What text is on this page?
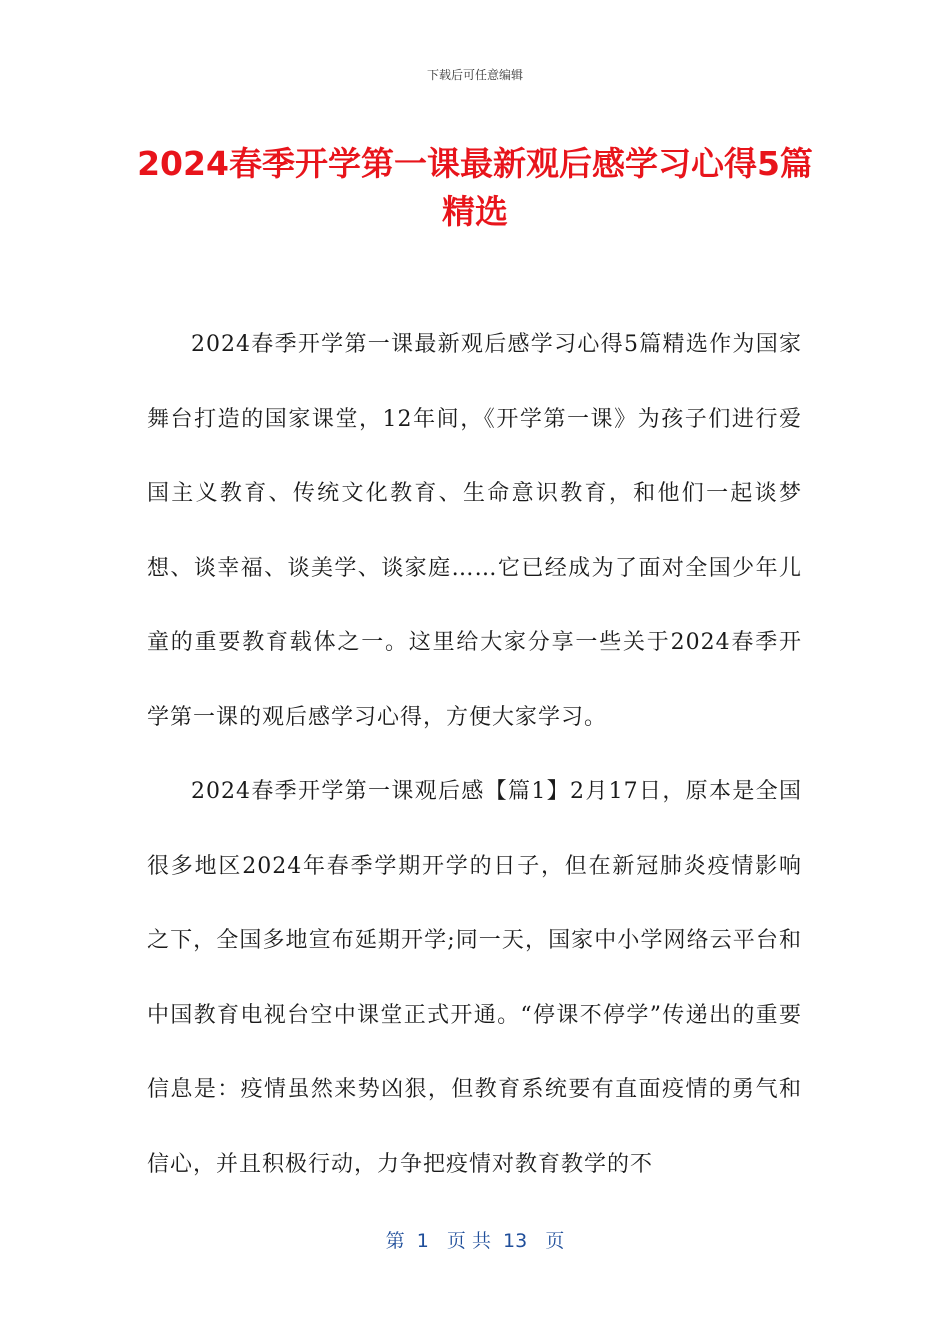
下载后可任意编辑
2024春季开学第一课最新观后感学习心得5篇精选

2024春季开学第一课最新观后感学习心得5篇精选作为国家舞台打造的国家课堂，12年间，《开学第一课》为孩子们进行爱国主义教育、传统文化教育、生命意识教育，和他们一起谈梦想、谈幸福、谈美学、谈家庭……它已经成为了面对全国少年儿童的重要教育载体之一。这里给大家分享一些关于2024春季开学第一课的观后感学习心得，方便大家学习。

2024春季开学第一课观后感【篇1】2月17日，原本是全国很多地区2024年春季学期开学的日子，但在新冠肺炎疫情影响之下，全国多地宣布延期开学;同一天，国家中小学网络云平台和中国教育电视台空中课堂正式开通。“停课不停学”传递出的重要信息是：疫情虽然来势凶狠，但教育系统要有直面疫情的勇气和信心，并且积极行动，力争把疫情对教育教学的不

第  1   页 共  13   页
